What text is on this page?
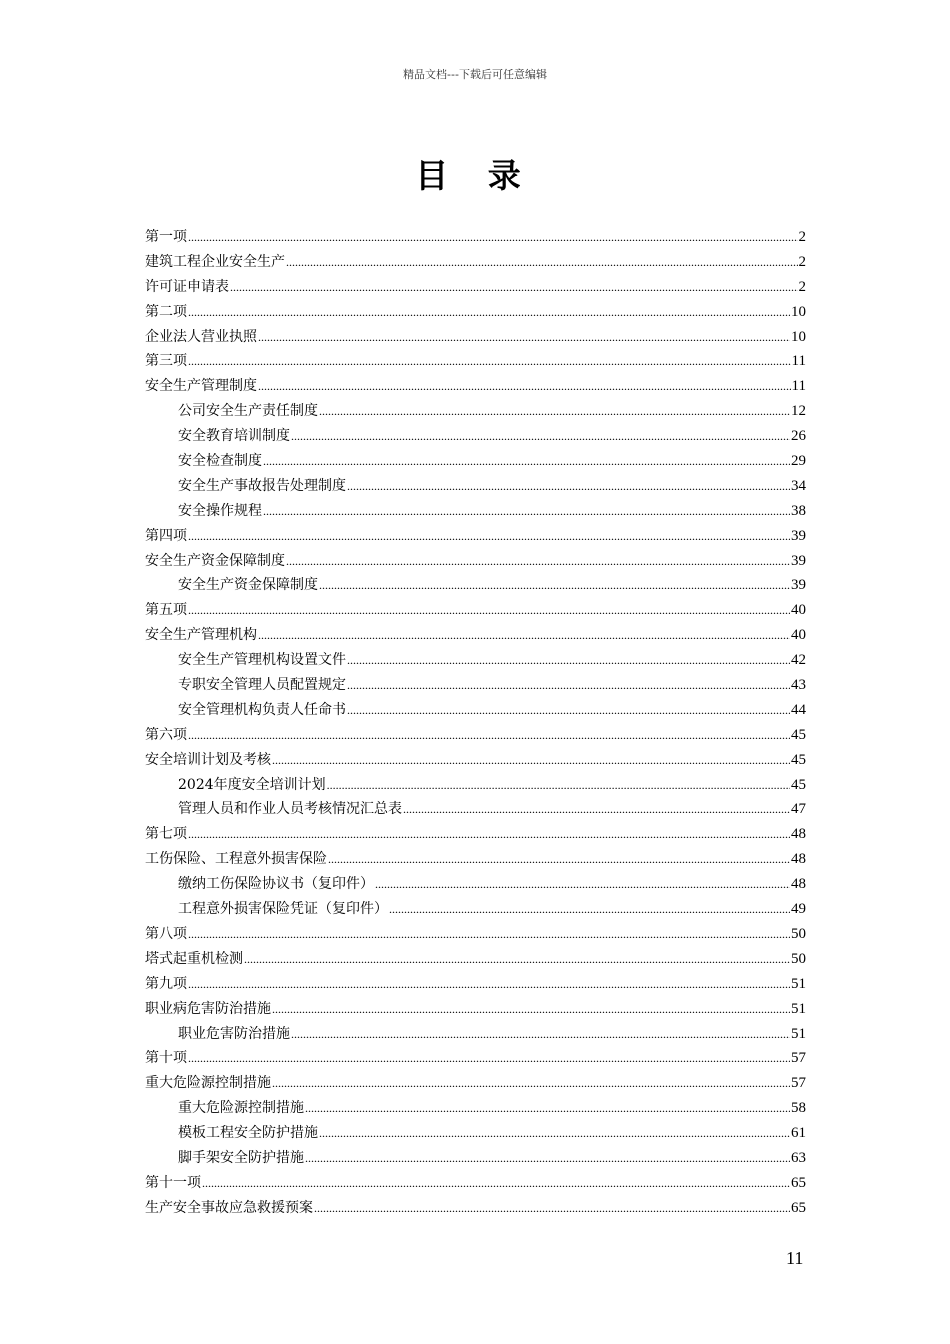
精品文档---下载后可任意编辑
目 录
第一项 .....	2
建筑工程企业安全生产 .....	2
许可证申请表 .....	2
第二项 .....	10
企业法人营业执照 .....	10
第三项 .....	11
安全生产管理制度 .....	11
公司安全生产责任制度 .....	12
安全教育培训制度 .....	26
安全检查制度 .....	29
安全生产事故报告处理制度 .....	34
安全操作规程 .....	38
第四项 .....	39
安全生产资金保障制度 .....	39
安全生产资金保障制度 .....	39
第五项 .....	40
安全生产管理机构 .....	40
安全生产管理机构设置文件 .....	42
专职安全管理人员配置规定 .....	43
安全管理机构负责人任命书 .....	44
第六项 .....	45
安全培训计划及考核 .....	45
2024年度安全培训计划 .....	45
管理人员和作业人员考核情况汇总表 .....	47
第七项 .....	48
工伤保险、工程意外损害保险 .....	48
缴纳工伤保险协议书（复印件） .....	48
工程意外损害保险凭证（复印件） .....	49
第八项 .....	50
塔式起重机检测 .....	50
第九项 .....	51
职业病危害防治措施 .....	51
职业危害防治措施 .....	51
第十项 .....	57
重大危险源控制措施 .....	57
重大危险源控制措施 .....	58
模板工程安全防护措施 .....	61
脚手架安全防护措施 .....	63
第十一项 .....	65
生产安全事故应急救援预案 .....	65
11
